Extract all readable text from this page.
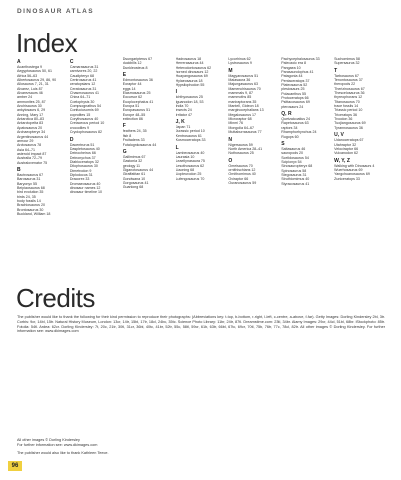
DINOSAUR ATLAS
Index
A
Acanthostega 9
Aegyptosaurus 50, 61
Africa 56–63
Albertosaurus 29, 86, 90
Allosaurus 7, 21, 31
Alvarez, Luis 87
Alvarezsaurs 46
amber 24
ammonites 25, 87
Anchisaurus 30
ankylosaurs 6, 29
Anning, Mary 17
Antarctica 80–83
Antarctopelta 83
Apatosaurus 20
Archaeopteryx 34
Argentinosaurus 44
armour 29
Arctosaurus 78
Asia 64–71
asteroid impact 87
Australia 72–79
Australovenator 75
B
Bactrosaurus 67
Barosaurus 31
Baryonyx 55
Beipiaosaurus 68
bird evolution 35
birds 24, 35
body fossils 14
Brachiosaurus 20
Brontosaurus 30
Buckland, William 18
C
Camarasaurus 31
carnivores 20, 22
Caudipteryx 68
Centrosaurus 41
ceratopsians 12
Ceratosaurus 31
Chasmosaurus 41
China 64–71
Coelophysis 30
Compsognathus 54
Confuciusornis 69
coprolites 15
Corythosaurus 40
Cretaceous period 10
crocodiles 9
Cryolophosaurus 82
D
Dacentrurus 51
Daspletosaurus 40
Deinocheirus 66
Deinonychus 37
Diabloceratops 32
Dilophosaurus 30
Dimetrodon 9
Diplodocus 31
Dracorex 33
Dromaeosaurus 40
dinosaur names 12
dinosaur timeline 10
Dsungaripterus 67
duckbills 12
Dunkleosteus 8
E
Edmontosaurus 36
Eoraptor 44
eggs 14
Elasmosaurus 25
Eocursor 62
Euoplocephalus 41
Europa 51
Europasaurus 51
Europe 48–55
extinction 86
F
feathers 24, 35
fish 8
Fruitadens 33
Futalognkosaurus 44
G
Gallimimus 67
Gastonia 32
geology 11
Giganotosaurus 44
Giraffatitan 61
Gondwana 10
Gorgosaurus 41
Guanlong 68
Hadrosaurus 18
Herrerasaurus 44
Heterodontosaurus 62
horned dinosaurs 12
Huayangosaurus 69
Hylaeosaurus 18
Hypsilophodon 55
I
Ichthyosaurus 25
Iguanodon 18, 53
India 70
insects 24
Irritator 47
J, K
Japan 71
Jurassic period 10
Kentrosaurus 61
Kosmoceratops 33
L
Lambeosaurus 40
Laurasia 10
Leaellynasaura 75
Lesothosaurus 62
Liaoning 68
Liopleurodon 25
Lufengosaurus 70
Lycorhinus 62
Lystrosaurus 9
M
Magyarosaurus 51
Maiasaura 36
Majungasaurus 63
Mamenchisaurus 70
mammals 9, 87
mammoths 85
maniraptorans 35
Mantell, Gideon 18
marginocephalians 13
Megalosaurus 17
Microraptor 68
Minmi 76
Mongolia 64–67
Muttaburrasaurus 77
N
Nigersaurus 59
North America 28–41
Nothosaurus 25
O
Omeisaurus 70
ornithischians 12
Ornithomimus 40
Oviraptor 66
Ouranosaurus 59
Pachycephalosaurus 33
Paleozoic era 8
Pangaea 10
Parasaurolophus 41
Patagonia 44
Pentaceratops 37
Plateosaurus 52
plesiosaurs 25
Polacanthus 55
Protoceratops 66
Psittacosaurus 69
pterosaurs 24
Q, R
Quetzalcoatlus 24
Rapetosaurus 63
raptors 34
Rhamphorhynchus 24
Rugops 60
S
Saltasaurus 46
sauropods 20
Scelidosaurus 54
Scipionyx 54
Sinosauropteryx 68
Spinosaurus 58
Stegosaurus 31
Struthiomimus 40
Styracosaurus 41
Suchomimus 58
Supersaurus 32
T
Tarbosaurus 67
Tenontosaurus 37
theropods 22
Therizinosaurus 67
Thescelosaurus 36
thyreophorans 12
Titanosaurus 70
trace fossils 14
Triassic period 10
Triceratops 36
Troodon 36
Tuojiangosaurus 69
Tyrannosaurus 36
U, V
Udanoceratops 67
Utahraptor 32
Velociraptor 66
Vulcanodon 62
W, Y, Z
Walking with Dinosaurs 4
Wuerhosaurus 69
Yangchuanosaurus 69
Zuniceratops 33
Credits
The publisher would like to thank the following for their kind permission to reproduce their photographs: (Abbreviations key: t-top, b-bottom, r-right, l-left, c-centre, a-above, f-far). Getty Images: Dorling Kindersley 2bl, 3tr. Corbis: 9cr, 14bl, 15tr. Natural History Museum, London: 13cr, 14tr, 15bl, 17tr, 18cl, 24bc, 35tc. Science Photo Library: 11br, 24tr, 87tl. Dreamstime.com: 23tl, 34br. Alamy Images: 29cr, 44cl, 51bl, 68br. iStockphoto: 85tr. Fotolia: 54tl. Ardea: 62cr. Dorling Kindersley: 7t, 20c, 21tr, 30tl, 31cr, 36bl, 40tc, 41br, 52tr, 55c, 58tl, 59cr, 61b, 63tr, 66bl, 67tc, 69cr, 70tl, 75b, 76tr, 77c, 78cl, 82tr. All other images © Dorling Kindersley. For further information see: www.dkimages.com
All other images © Dorling Kindersley
For further information see: www.dkimages.com
The publisher would also like to thank Kathleen Teece.
96
